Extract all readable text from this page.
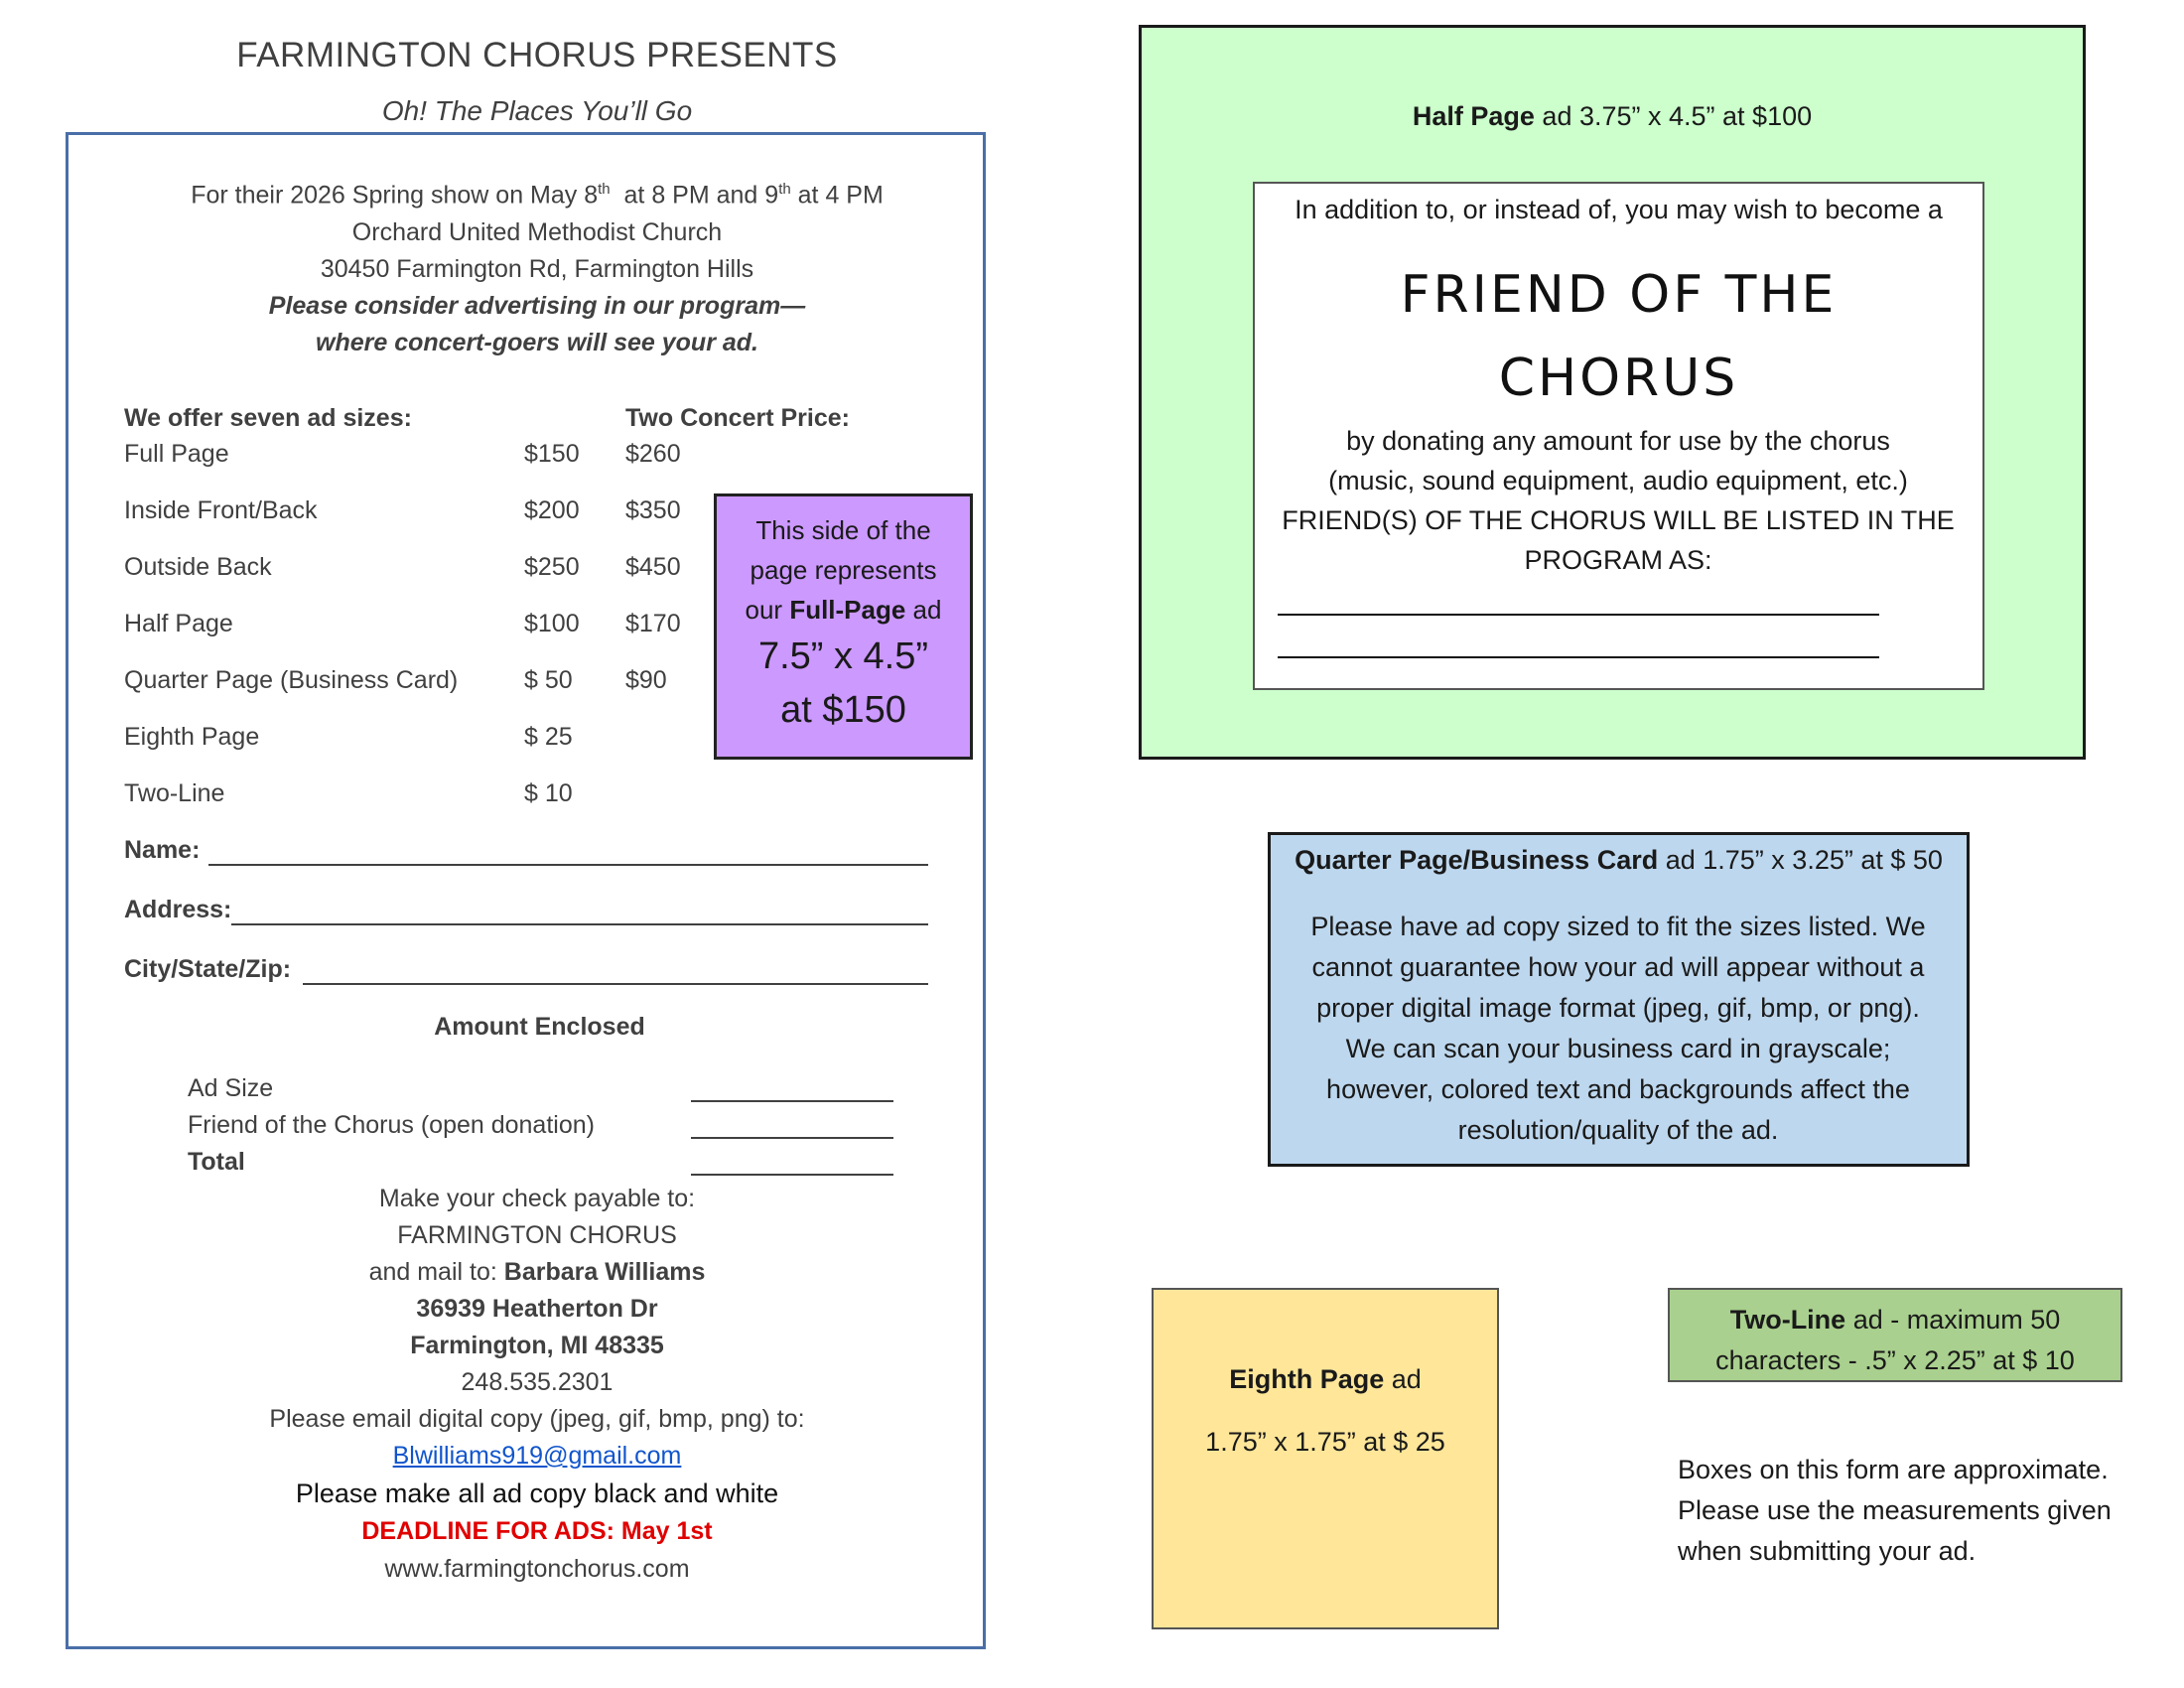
FARMINGTON CHORUS PRESENTS
Oh! The Places You’ll Go
For their 2026 Spring show on May 8th  at 8 PM and 9th at 4 PM
Orchard United Methodist Church
30450 Farmington Rd, Farmington Hills
Please consider advertising in our program—
where concert-goers will see your ad.
We offer seven ad sizes:	Two Concert Price:
Full Page	$150 $260
Inside Front/Back	$200 $350
Outside Back	$250 $450
Half Page	$100 $170
Quarter Page (Business Card)	$ 50 $90
Eighth Page	$ 25
Two-Line	$ 10
This side of the
page represents
our Full-Page ad
7.5” x 4.5”
at $150
Name:
Address:
City/State/Zip:
Amount Enclosed
Ad Size
Friend of the Chorus (open donation)
Total
Make your check payable to:
FARMINGTON CHORUS
and mail to: Barbara Williams
36939 Heatherton Dr
Farmington, MI 48335
248.535.2301
Please email digital copy (jpeg, gif, bmp, png) to:
Blwilliams919@gmail.com
Please make all ad copy black and white
DEADLINE FOR ADS: May 1st
www.farmingtonchorus.com
Half Page ad 3.75” x 4.5” at $100
In addition to, or instead of, you may wish to become a
FRIEND OF THE
CHORUS
by donating any amount for use by the chorus
(music, sound equipment, audio equipment, etc.)
FRIEND(S) OF THE CHORUS WILL BE LISTED IN THE
PROGRAM AS:
Quarter Page/Business Card ad 1.75” x 3.25” at $ 50
Please have ad copy sized to fit the sizes listed. We
cannot guarantee how your ad will appear without a
proper digital image format (jpeg, gif, bmp, or png).
We can scan your business card in grayscale;
however, colored text and backgrounds affect the
resolution/quality of the ad.
Eighth Page ad
1.75” x 1.75” at $ 25
Two-Line ad - maximum 50
characters - .5” x 2.25” at $ 10
Boxes on this form are approximate.
Please use the measurements given
when submitting your ad.
